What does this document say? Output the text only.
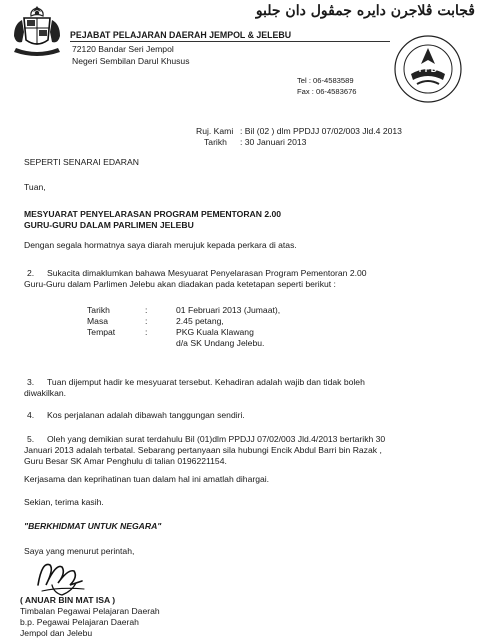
ڤجابت ڤلاجرن دايره جمڤول دان جلبو
PEJABAT PELAJARAN DAERAH JEMPOL & JELEBU
72120 Bandar Seri Jempol
Negeri Sembilan Darul Khusus
Tel : 06-4583589
Fax : 06-4583676
PPD
Ruj. Kami : Bil (02 ) dlm PPDJJ 07/02/003 Jld.4 2013
Tarikh : 30 Januari 2013
SEPERTI SENARAI EDARAN
Tuan,
MESYUARAT PENYELARASAN PROGRAM PEMENTORAN 2.00
GURU-GURU DALAM PARLIMEN JELEBU
Dengan segala hormatnya saya diarah merujuk kepada perkara di atas.
2. Sukacita dimaklumkan bahawa Mesyuarat Penyelarasan Program Pementoran 2.00
Guru-Guru dalam Parlimen Jelebu akan diadakan pada ketetapan seperti berikut :
Tarikh	:	01 Februari 2013 (Jumaat),
Masa	:	2.45 petang,
Tempat	:	PKG Kuala Klawang
		d/a SK Undang Jelebu.
3. Tuan dijemput hadir ke mesyuarat tersebut. Kehadiran adalah wajib dan tidak boleh
diwakilkan.
4. Kos perjalanan adalah dibawah tanggungan sendiri.
5. Oleh yang demikian surat terdahulu Bil (01)dlm PPDJJ 07/02/003 Jld.4/2013 bertarikh 30
Januari 2013 adalah terbatal. Sebarang pertanyaan sila hubungi Encik Abdul Barri bin Razak ,
Guru Besar SK Amar Penghulu di talian 0196221154.
Kerjasama dan keprihatinan tuan dalam hal ini amatlah dihargai.
Sekian, terima kasih.
"BERKHIDMAT UNTUK NEGARA"
Saya yang menurut perintah,
( ANUAR BIN MAT ISA )
Timbalan Pegawai Pelajaran Daerah
b.p. Pegawai Pelajaran Daerah
Jempol dan Jelebu
